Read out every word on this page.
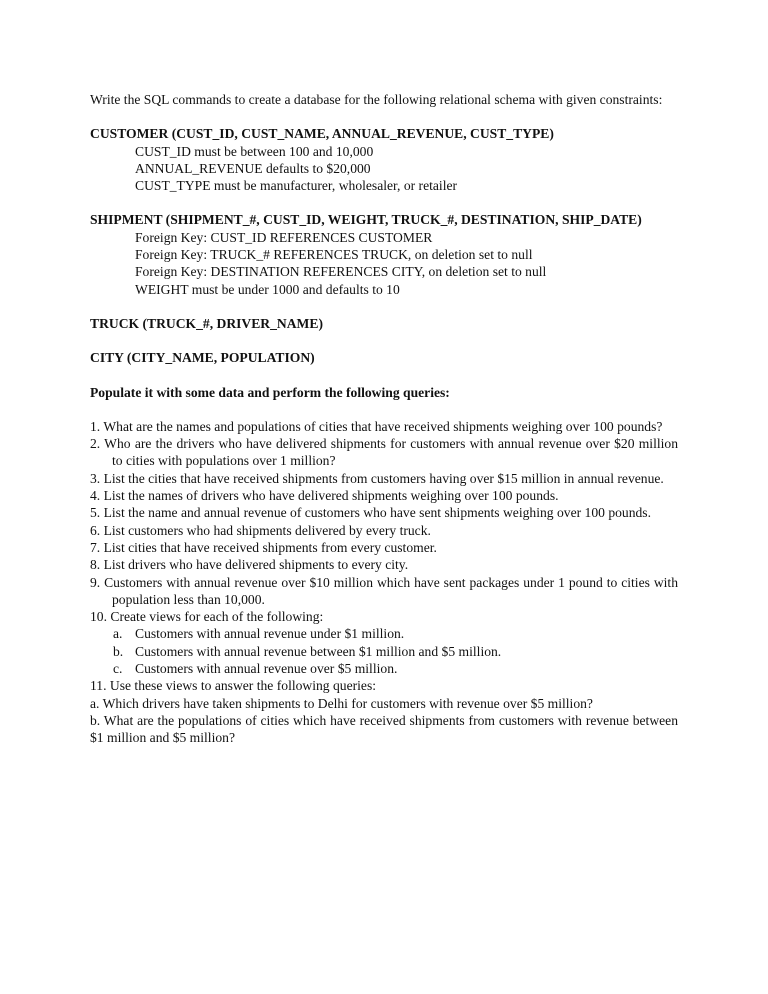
Write the SQL commands to create a database for the following relational schema with given constraints:

CUSTOMER (CUST_ID, CUST_NAME, ANNUAL_REVENUE, CUST_TYPE)

CUST_ID must be between 100 and 10,000

ANNUAL_REVENUE defaults to $20,000

CUST_TYPE must be manufacturer, wholesaler, or retailer

SHIPMENT (SHIPMENT_#, CUST_ID, WEIGHT, TRUCK_#, DESTINATION, SHIP_DATE)

Foreign Key: CUST_ID REFERENCES CUSTOMER

Foreign Key: TRUCK_# REFERENCES TRUCK, on deletion set to null

Foreign Key: DESTINATION REFERENCES CITY, on deletion set to null

WEIGHT must be under 1000 and defaults to 10

TRUCK (TRUCK_#, DRIVER_NAME)

CITY (CITY_NAME, POPULATION)

Populate it with some data and perform the following queries:

1. What are the names and populations of cities that have received shipments weighing over 100 pounds?

2. Who are the drivers who have delivered shipments for customers with annual revenue over $20 million to cities with populations over 1 million?

3. List the cities that have received shipments from customers having over $15 million in annual revenue.

4. List the names of drivers who have delivered shipments weighing over 100 pounds.

5. List the name and annual revenue of customers who have sent shipments weighing over 100 pounds.

6. List customers who had shipments delivered by every truck.

7. List cities that have received shipments from every customer.

8. List drivers who have delivered shipments to every city.

9. Customers with annual revenue over $10 million which have sent packages under 1 pound to cities with population less than 10,000.

10. Create views for each of the following:

a. Customers with annual revenue under $1 million.

b. Customers with annual revenue between $1 million and $5 million.

c. Customers with annual revenue over $5 million.

11. Use these views to answer the following queries:

a. Which drivers have taken shipments to Delhi for customers with revenue over $5 million?

b. What are the populations of cities which have received shipments from customers with revenue between $1 million and $5 million?
